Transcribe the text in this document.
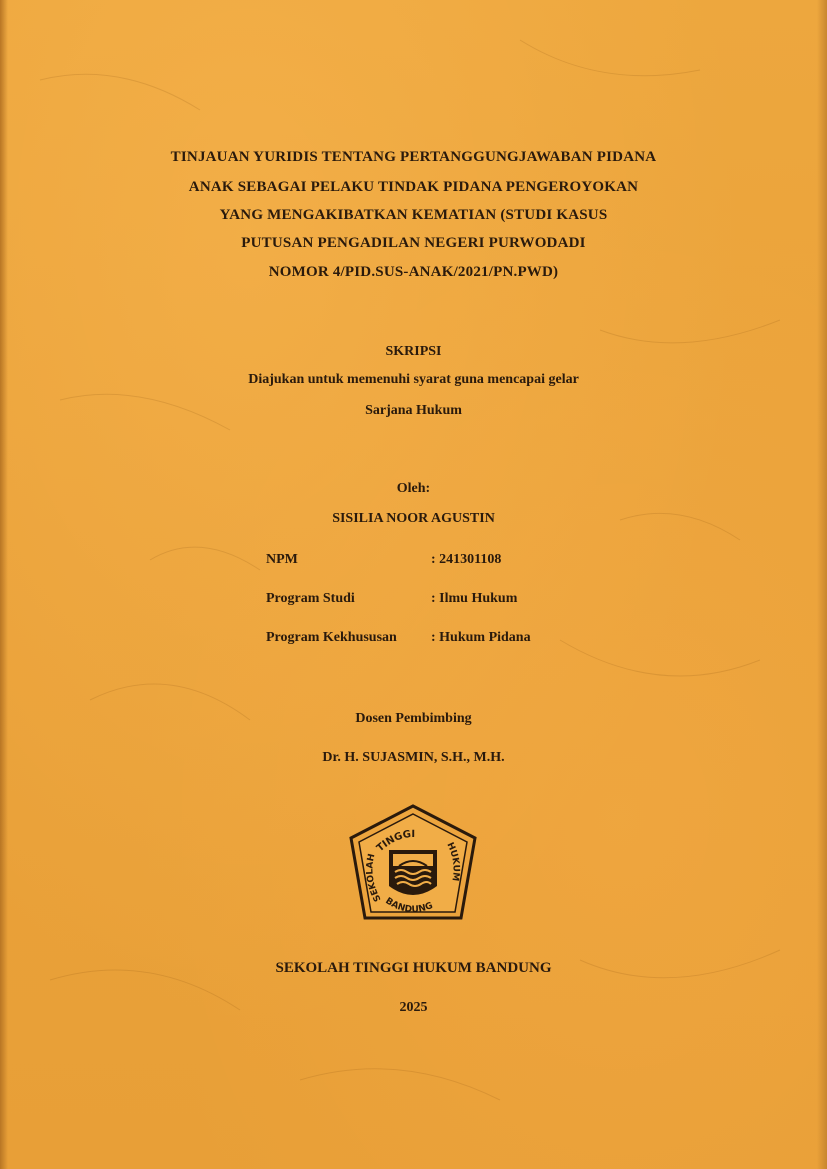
TINJAUAN YURIDIS TENTANG PERTANGGUNGJAWABAN PIDANA
ANAK SEBAGAI PELAKU TINDAK PIDANA PENGEROYOKAN
YANG MENGAKIBATKAN KEMATIAN (STUDI KASUS
PUTUSAN PENGADILAN NEGERI PURWODADI
NOMOR 4/PID.SUS-ANAK/2021/PN.PWD)
SKRIPSI
Diajukan untuk memenuhi syarat guna mencapai gelar
Sarjana Hukum
Oleh:
SISILIA NOOR AGUSTIN
NPM	: 241301108
Program Studi	: Ilmu Hukum
Program Kekhususan : Hukum Pidana
Dosen Pembimbing
Dr. H. SUJASMIN, S.H., M.H.
TINGGI
SEKOLAH
HUKUM
BANDUNG
SEKOLAH TINGGI HUKUM BANDUNG
2025
